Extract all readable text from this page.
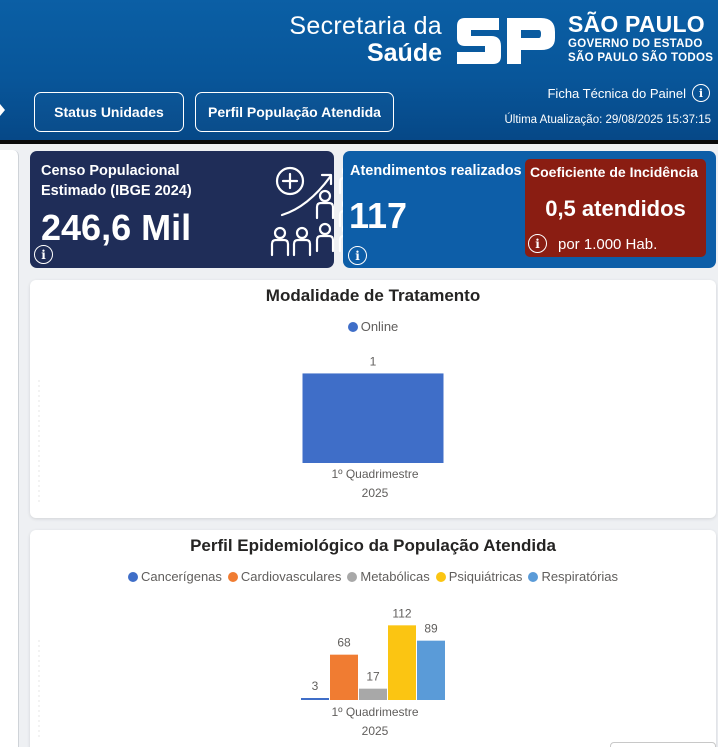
Secretaria da
Saúde
SÃO PAULO
GOVERNO DO ESTADO
SÃO PAULO SÃO TODOS
Status Unidades	Perfil População Atendida
Ficha Técnica do Painel	i
Última Atualização: 29/08/2025 15:37:15
Censo Populacional
Estimado (IBGE 2024)
246,6 Mil
i
Atendimentos realizados
117
i
Coeficiente de Incidência
0,5 atendidos
i	por 1.000 Hab.
Modalidade de Tratamento
Online
1
1º Quadrimestre
2025
Perfil Epidemiológico da População Atendida
Cancerígenas Cardiovasculares Metabólicas Psiquiátricas Respiratórias
3
68
17
112
89
1º Quadrimestre
2025
